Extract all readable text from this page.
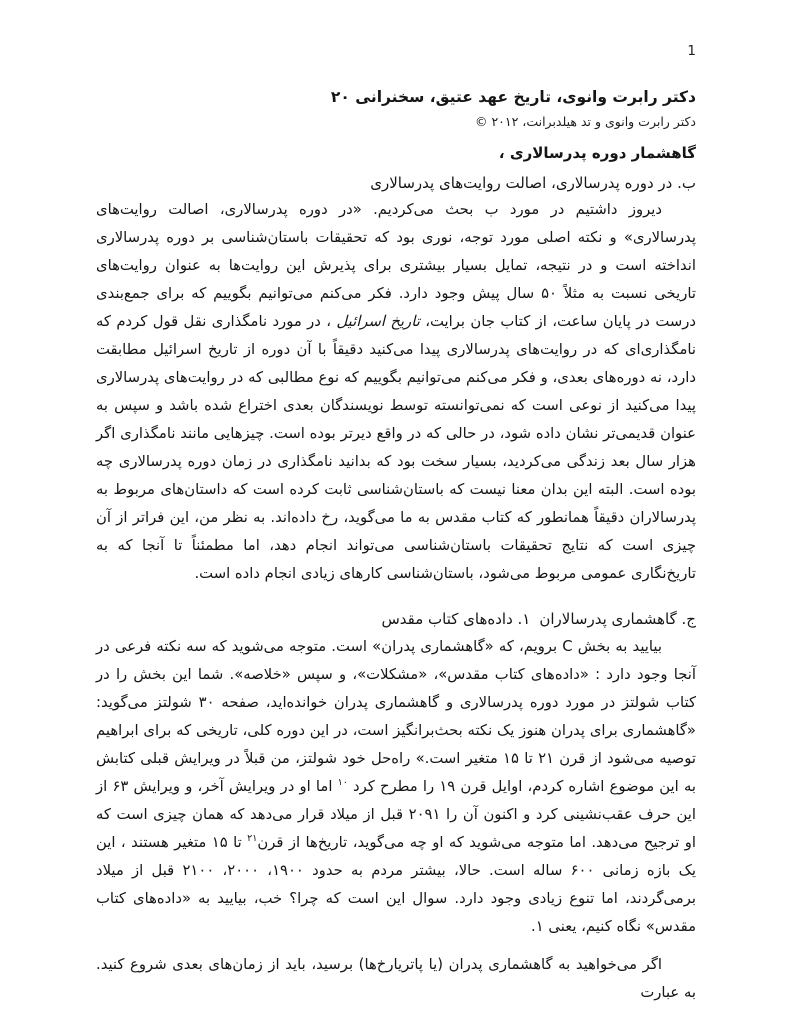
1
دکتر رابرت وانوی، تاریخ عهد عتیق، سخنرانی ۲۰
دکتر رابرت وانوی و تد هیلدبرانت، ۲۰۱۲ ©
گاهشمار دوره پدرسالاری ،
ب. در دوره پدرسالاری، اصالت روایت‌های پدرسالاری

دیروز داشتیم در مورد ب بحث می‌کردیم. «در دوره پدرسالاری، اصالت روایت‌های پدرسالاری» و نکته اصلی مورد توجه، نوری بود که تحقیقات باستان‌شناسی بر دوره پدرسالاری انداخته است و در نتیجه، تمایل بسیار بیشتری برای پذیرش این روایت‌ها به عنوان روایت‌های تاریخی نسبت به مثلاً ۵۰ سال پیش وجود دارد. فکر می‌کنم می‌توانیم بگوییم که برای جمع‌بندی درست در پایان ساعت، از کتاب جان برایت، تاریخ اسرائیل ، در مورد نامگذاری نقل قول کردم که نامگذاری‌ای که در روایت‌های پدرسالاری پیدا می‌کنید دقیقاً با آن دوره از تاریخ اسرائیل مطابقت دارد، نه دوره‌های بعدی، و فکر می‌کنم می‌توانیم بگوییم که نوع مطالبی که در روایت‌های پدرسالاری پیدا می‌کنید از نوعی است که نمی‌توانسته توسط نویسندگان بعدی اختراع شده باشد و سپس به عنوان قدیمی‌تر نشان داده شود، در حالی که در واقع دیرتر بوده است. چیزهایی مانند نامگذاری اگر هزار سال بعد زندگی می‌کردید، بسیار سخت بود که بدانید نامگذاری در زمان دوره پدرسالاری چه بوده است. البته این بدان معنا نیست که باستان‌شناسی ثابت کرده است که داستان‌های مربوط به پدرسالاران دقیقاً همانطور که کتاب مقدس به ما می‌گوید، رخ داده‌اند. به نظر من، این فراتر از آن چیزی است که نتایج تحقیقات باستان‌شناسی می‌تواند انجام دهد، اما مطمئناً تا آنجا که به تاریخ‌نگاری عمومی مربوط می‌شود، باستان‌شناسی کارهای زیادی انجام داده است.

ج. گاهشماری پدرسالاران۱. داده‌های کتاب مقدس

بیایید به بخش C برویم، که «گاهشماری پدران» است. متوجه می‌شوید که سه نکته فرعی در آنجا وجود دارد : «داده‌های کتاب مقدس»، «مشکلات»، و سپس «خلاصه». شما این بخش را در کتاب شولتز در مورد دوره پدرسالاری و گاهشماری پدران خوانده‌اید، صفحه ۳۰ شولتز می‌گوید: «گاهشماری برای پدران هنوز یک نکته بحث‌برانگیز است، در این دوره کلی، تاریخی که برای ابراهیم توصیه می‌شود از قرن ۲۱ تا ۱۵ متغیر است.» راه‌حل خود شولتز، من قبلاً در ویرایش قبلی کتابش به این موضوع اشاره کردم، اوایل قرن ۱۹ را مطرح کرد $^{۱۰}$ اما او در ویرایش آخر، و ویرایش ۶۳ از این حرف عقب‌نشینی کرد و اکنون آن را ۲۰۹۱ قبل از میلاد قرار می‌دهد که همان چیزی است که او ترجیح می‌دهد. اما متوجه می‌شوید که او چه می‌گوید، تاریخ‌ها از قرن$^{۲۱}$ تا ۱۵ متغیر هستند ، این یک بازه زمانی ۶۰۰ ساله است. حالا، بیشتر مردم به حدود ۱۹۰۰، ۲۰۰۰، ۲۱۰۰ قبل از میلاد برمی‌گردند، اما تنوع زیادی وجود دارد. سوال این است که چرا؟ خب، بیایید به «داده‌های کتاب مقدس» نگاه کنیم، یعنی ۱.

اگر می‌خواهید به گاهشماری پدران (یا پاتریارخ‌ها) برسید، باید از زمان‌های بعدی شروع کنید. به عبارت
